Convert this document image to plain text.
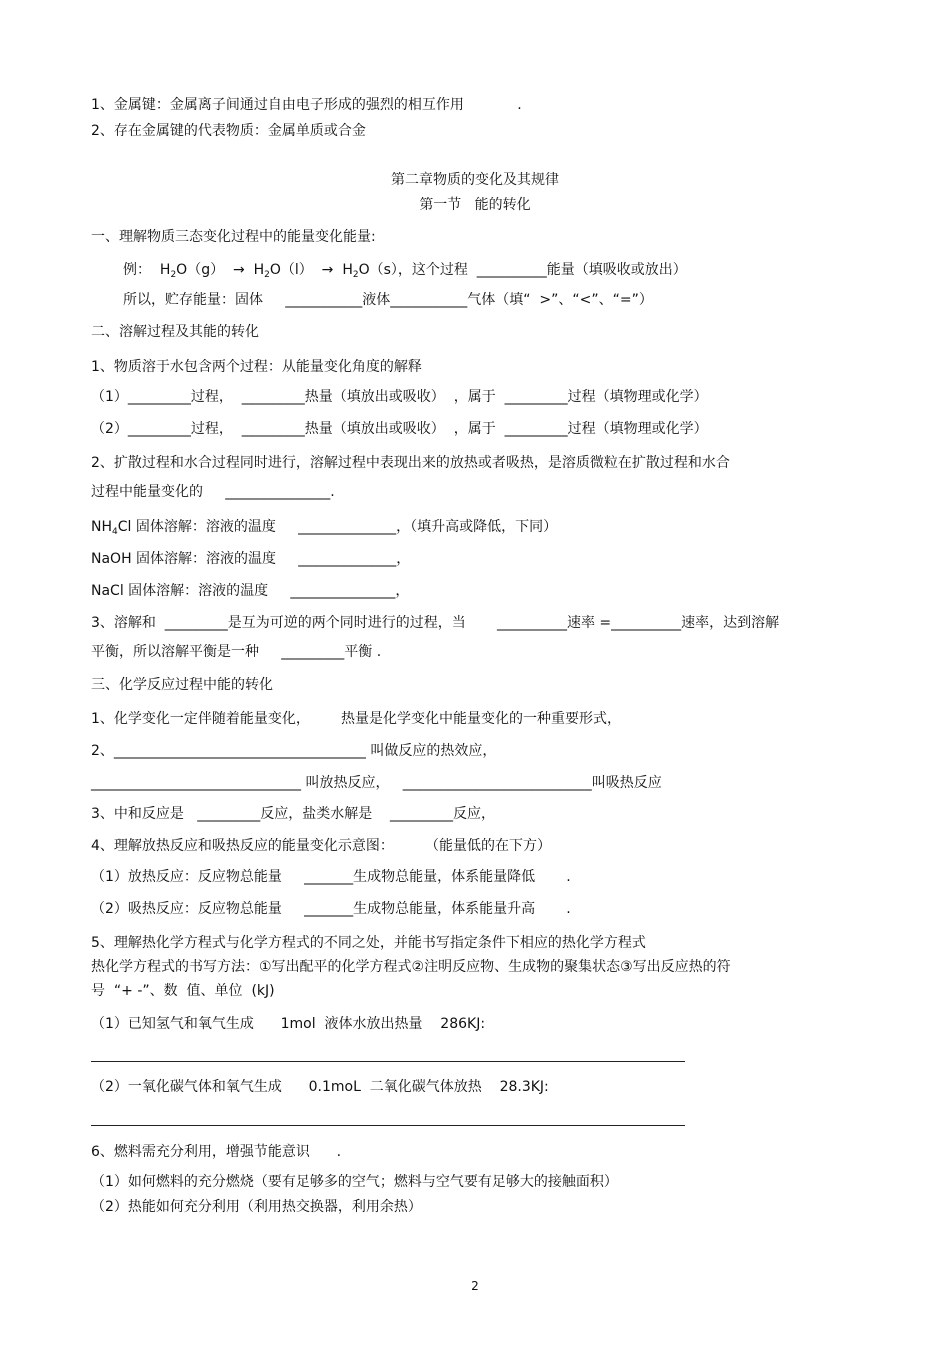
1、金属键：金属离子间通过自由电子形成的强烈的相互作用            .
2、存在金属键的代表物质：金属单质或合金
第二章物质的变化及其规律
第一节   能的转化
一、理解物质三态变化过程中的能量变化能量:
例：  $H_2O(g) \to H_2O(l) \to H_2O(s)$，这个过程  __________能量（填吸收或放出）
所以，贮存能量：固体     ___________液体___________气体（填“  >”、“<”、“=”）
二、溶解过程及其能的转化
1、物质溶于水包含两个过程：从能量变化角度的解释
（1）_________过程，  _________热量（填放出或吸收）  ，属于  _________过程（填物理或化学）
（2）_________过程，  _________热量（填放出或吸收）  ，属于  _________过程（填物理或化学）
2、扩散过程和水合过程同时进行，溶解过程中表现出来的放热或者吸热，是溶质微粒在扩散过程和水合
过程中能量变化的     _______________.
$NH_4Cl$ 固体溶解：溶液的温度     ______________，（填升高或降低，下同）
NaOH 固体溶解：溶液的温度     ______________，
NaCl 固体溶解：溶液的温度     _______________，
3、溶解和  _________是互为可逆的两个同时进行的过程，当       __________速率 =__________速率，达到溶解
平衡，所以溶解平衡是一种     _________平衡 .
三、化学反应过程中能的转化
1、化学变化一定伴随着能量变化，       热量是化学变化中能量变化的一种重要形式，
2、____________________________________ 叫做反应的热效应，
______________________________ 叫放热反应，   ___________________________叫吸热反应
3、中和反应是   _________反应，盐类水解是    _________反应，
4、理解放热反应和吸热反应的能量变化示意图：       （能量低的在下方）
（1）放热反应：反应物总能量     _______生成物总能量，体系能量降低       .
（2）吸热反应：反应物总能量     _______生成物总能量，体系能量升高       .
5、理解热化学方程式与化学方程式的不同之处，并能书写指定条件下相应的热化学方程式
热化学方程式的书写方法：①写出配平的化学方程式②注明反应物、生成物的聚集状态③写出反应热的符
号  “+ -”、数  值、单位  (kJ)
（1）已知氢气和氧气生成      1mol  液体水放出热量    286KJ:
（2）一氧化碳气体和氧气生成      0.1moL  二氧化碳气体放热    28.3KJ:
6、燃料需充分利用，增强节能意识      .
（1）如何燃料的充分燃烧（要有足够多的空气；燃料与空气要有足够大的接触面积）
（2）热能如何充分利用（利用热交换器，利用余热）
2
